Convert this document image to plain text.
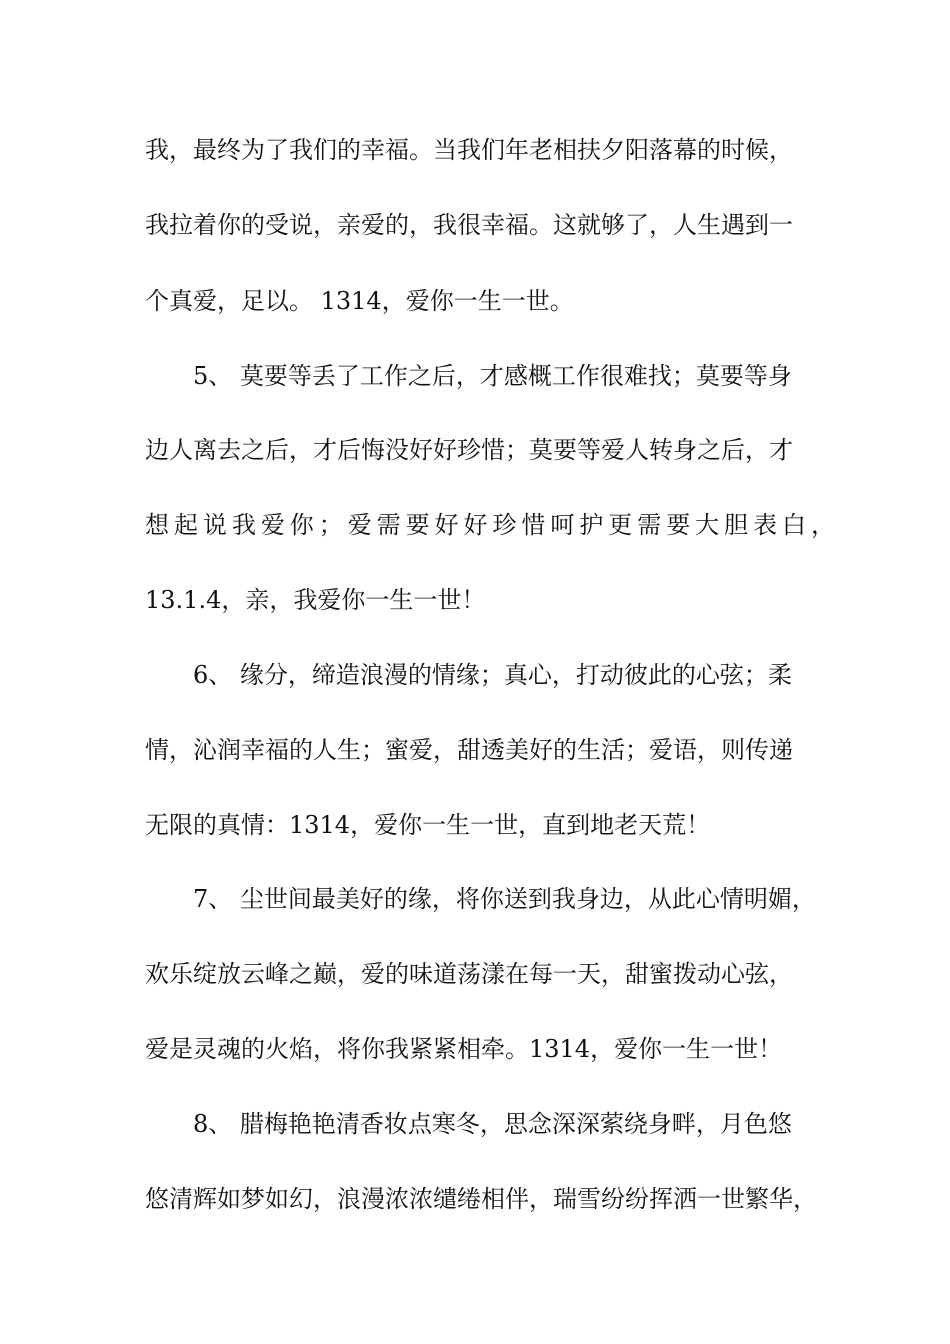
我，最终为了我们的幸福。当我们年老相扶夕阳落幕的时候，
我拉着你的受说，亲爱的，我很幸福。这就够了，人生遇到一
个真爱，足以。 1314，爱你一生一世。
5、 莫要等丢了工作之后，才感概工作很难找；莫要等身
边人离去之后，才后悔没好好珍惜；莫要等爱人转身之后，才
想起说我爱你；爱需要好好珍惜呵护更需要大胆表白，
13.1.4，亲，我爱你一生一世！
6、 缘分，缔造浪漫的情缘；真心，打动彼此的心弦；柔
情，沁润幸福的人生；蜜爱，甜透美好的生活；爱语，则传递
无限的真情：1314，爱你一生一世，直到地老天荒！
7、 尘世间最美好的缘，将你送到我身边，从此心情明媚，
欢乐绽放云峰之巅，爱的味道荡漾在每一天，甜蜜拨动心弦，
爱是灵魂的火焰，将你我紧紧相牵。1314，爱你一生一世！
8、 腊梅艳艳清香妆点寒冬，思念深深萦绕身畔，月色悠
悠清辉如梦如幻，浪漫浓浓缱绻相伴，瑞雪纷纷挥洒一世繁华，
